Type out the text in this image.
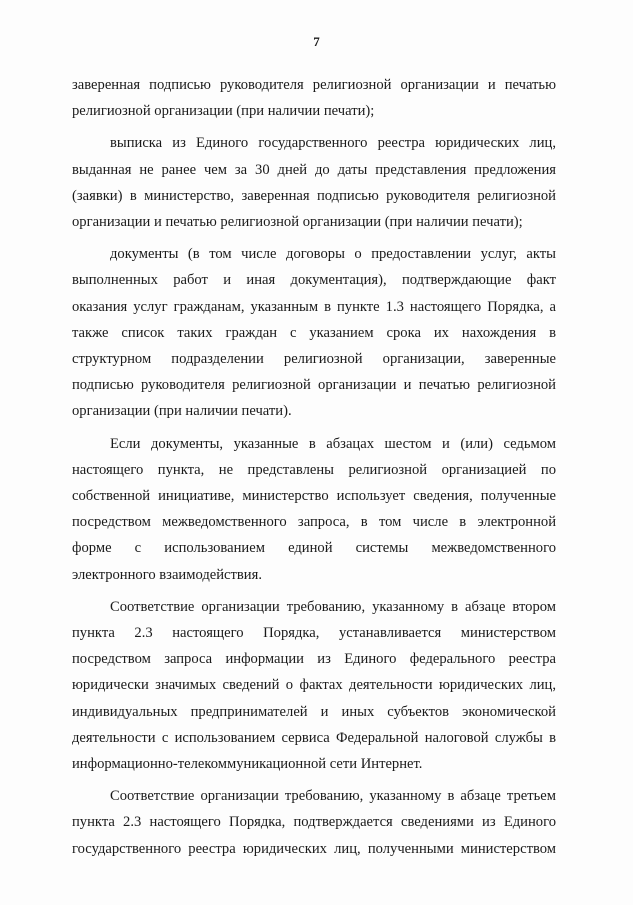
7
заверенная подписью руководителя религиозной организации и печатью
религиозной организации (при наличии печати);
выписка из Единого государственного реестра юридических лиц,
выданная не ранее чем за 30 дней до даты представления предложения
(заявки) в министерство, заверенная подписью руководителя религиозной
организации и печатью религиозной организации (при наличии печати);
документы (в том числе договоры о предоставлении услуг, акты
выполненных работ и иная документация), подтверждающие факт
оказания услуг гражданам, указанным в пункте 1.3 настоящего Порядка, а
также список таких граждан с указанием срока их нахождения в
структурном подразделении религиозной организации, заверенные
подписью руководителя религиозной организации и печатью религиозной
организации (при наличии печати).
Если документы, указанные в абзацах шестом и (или) седьмом
настоящего пункта, не представлены религиозной организацией по
собственной инициативе, министерство использует сведения, полученные
посредством межведомственного запроса, в том числе в электронной
форме с использованием единой системы межведомственного
электронного взаимодействия.
Соответствие организации требованию, указанному в абзаце втором
пункта 2.3 настоящего Порядка, устанавливается министерством
посредством запроса информации из Единого федерального реестра
юридически значимых сведений о фактах деятельности юридических лиц,
индивидуальных предпринимателей и иных субъектов экономической
деятельности с использованием сервиса Федеральной налоговой службы в
информационно-телекоммуникационной сети Интернет.
Соответствие организации требованию, указанному в абзаце третьем
пункта 2.3 настоящего Порядка, подтверждается сведениями из Единого
государственного реестра юридических лиц, полученными министерством
